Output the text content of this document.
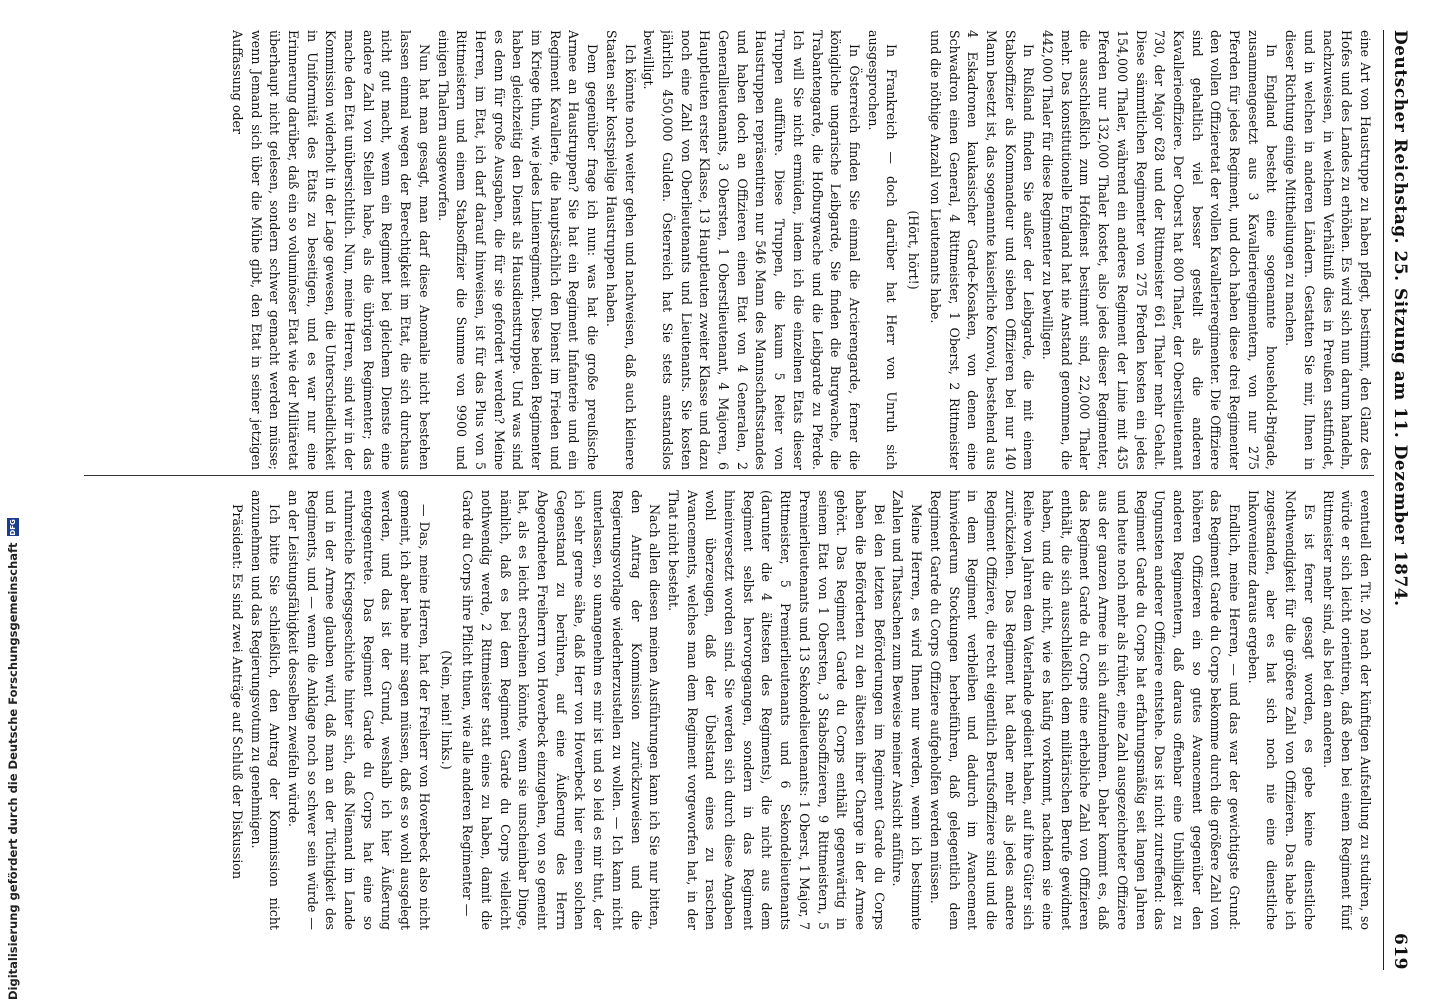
Deutscher Reichstag. 25. Sitzung am 11. Dezember 1874.
619

eine Art von Haustruppe zu haben pflegt, bestimmt, den Glanz des Hofes und des Landes zu erhöhen. Es wird sich nun darum handeln, nachzuweisen, in welchem Verhältniß dies in Preußen stattfindet, und in welchen in anderen Ländern. Gestatten Sie mir, Ihnen in dieser Richtung einige Mittheilungen zu machen.

In England besteht eine sogenannte household-Brigade, zusammengesetzt aus 3 Kavallerieregimentern, von nur 275 Pferden für jedes Regiment, und doch haben diese drei Regimenter den vollen Offizieretat der vollen Kavallerieregimenter. Die Offiziere sind gehaltlich viel besser gestellt als die anderen Kavallerieoffiziere. Der Oberst hat 800 Thaler, der Oberstlieutenant 730, der Major 628 und der Rittmeister 661 Thaler mehr Gehalt. Diese sämmtlichen Regimenter von 275 Pferden kosten ein jedes 154,000 Thaler, während ein anderes Regiment der Linie mit 435 Pferden nur 132,000 Thaler kostet, also jedes dieser Regimenter, die ausschließlich zum Hofdienst bestimmt sind, 22,000 Thaler mehr. Das konstitutionelle England hat nie Anstand genommen, die 442,000 Thaler für diese Regimenter zu bewilligen.

In Rußland finden Sie außer der Leibgarde, die mit einem Stabsoffizier als Kommandeur und sieben Offizieren bei nur 140 Mann besetzt ist, das sogenannte kaiserliche Konvoi, bestehend aus 4 Eskadronen kaukasischer Garde-Kosaken, von denen eine Schwadron einen General, 4 Rittmeister, 1 Oberst, 2 Rittmeister und die nöthige Anzahl von Lieutenants habe.

(Hört, hört!)

In Frankreich — doch darüber hat Herr von Unruh sich ausgesprochen.

In Österreich finden Sie einmal die Arcierengarde, ferner die königliche ungarische Leibgarde, Sie finden die Burgwache, die Trabantengarde, die Hofburgwache und die Leibgarde zu Pferde. Ich will Sie nicht ermüden, indem ich die einzelnen Etats dieser Truppen aufführe. Diese Truppen, die kaum 5 Reiter von Haustruppen repräsentiren nur 546 Mann des Mannschaftsstandes und haben doch an Offizieren einen Etat von 4 Generalen, 2 Generallieutenants, 3 Obersten, 1 Oberstlieutenant, 4 Majoren, 6 Hauptleuten erster Klasse, 13 Hauptleuten zweiter Klasse und dazu noch eine Zahl von Oberlieutenants und Lieutenants. Sie kosten jährlich 450,000 Gulden. Österreich hat Sie stets anstandslos bewilligt.

Ich könnte noch weiter gehen und nachweisen, daß auch kleinere Staaten sehr kostspielige Haustruppen haben.

Dem gegenüber frage ich nun: was hat die große preußische Armee an Haustruppen? Sie hat ein Regiment Infanterie und ein Regiment Kavallerie, die hauptsächlich den Dienst im Frieden und im Kriege thun, wie jedes Linienregiment. Diese beiden Regimenter haben gleichzeitig den Dienst als Hausdiensttruppe. Und was sind es denn für große Ausgaben, die für sie gefordert werden? Meine Herren, im Etat, ich darf darauf hinweisen, ist für das Plus von 5 Rittmeistern und einem Stabsoffizier die Summe von 9900 und einigen Thalern ausgeworfen.

Nun hat man gesagt, man darf diese Anomalie nicht bestehen lassen einmal wegen der Berechtigkeit im Etat, die sich durchaus nicht gut macht, wenn ein Regiment bei gleichem Dienste eine andere Zahl von Stellen habe, als die übrigen Regimenter; das mache den Etat unübersichtlich. Nun, meine Herren, sind wir in der Kommission widerholt in der Lage gewesen, die Unterschiedlichkeit in Uniformität des Etats zu beseitigen, und es war nur eine Erinnerung darüber, daß ein so voluminöser Etat wie der Militäretat überhaupt nicht gelesen, sondern schwer gemacht werden müsse; wenn Jemand sich über die Mühe gibt, den Etat in seiner jetzigen Auffassung oder

eventuell den Tit. 20 nach der künftigen Aufstellung zu studiren, so würde er sich leicht orientiren, daß eben bei einem Regiment fünf Rittmeister mehr sind, als bei den anderen.

Es ist ferner gesagt worden, es gebe keine dienstliche Nothwendigkeit für die größere Zahl von Offizieren. Das habe ich zugestanden, aber es hat sich noch nie eine dienstliche Inkonvenienz daraus ergeben.

Endlich, meine Herren, — und das war der gewichtigste Grund: das Regiment Garde du Corps bekomme durch die größere Zahl von höheren Offizieren ein so gutes Avancement gegenüber den anderen Regimentern, daß daraus offenbar eine Unbilligkeit zu Ungunsten anderer Offiziere entstehe. Das ist nicht zutreffend: das Regiment Garde du Corps hat erfahrungsmäßig seit langen Jahren und heute noch mehr als früher, eine Zahl ausgezeichneter Offiziere aus der ganzen Armee in sich aufzunehmen. Daher kommt es, daß das Regiment Garde du Corps eine erhebliche Zahl von Offizieren enthält, die sich ausschließlich dem militärischen Berufe gewidmet haben, und die nicht, wie es häufig vorkommt, nachdem sie eine Reihe von Jahren dem Vaterlande gedient haben, auf ihre Güter sich zurückziehen. Das Regiment hat daher mehr als jedes andere Regiment Offiziere, die recht eigentlich Berufsoffiziere sind und die in dem Regiment verbleiben und dadurch im Avancement hinwiederum Stockungen herbeiführen, daß gelegentlich dem Regiment Garde du Corps Offiziere aufgeholfen werden müssen.

Meine Herren, es wird Ihnen nur werden, wenn ich bestimmte Zahlen und Thatsachen zum Beweise meiner Ansicht anführe.

Bei den letzten Beförderungen im Regiment Garde du Corps haben die Beförderten zu den ältesten ihrer Charge in der Armee gehört. Das Regiment Garde du Corps enthält gegenwärtig in seinem Etat von 1 Obersten, 3 Stabsoffizieren, 9 Rittmeistern, 5 Premierlieutenants und 13 Sekondelieutenants: 1 Oberst, 1 Major, 7 Rittmeister, 5 Premierlieutenants und 6 Sekondelieutenants (darunter die 4 ältesten des Regiments), die nicht aus dem Regiment selbst hervorgegangen, sondern in das Regiment hineinversetzt worden sind. Sie werden sich durch diese Angaben wohl überzeugen, daß der Übelstand eines zu raschen Avancements, welches man dem Regiment vorgeworfen hat, in der That nicht besteht.

Nach allen diesen meinen Ausführungen kann ich Sie nur bitten, den Antrag der Kommission zurückzuweisen und die Regierungsvorlage wiederherzustellen zu wollen. — Ich kann nicht unterlassen, so unangenehm es mir ist und so leid es mir thut, der ich sehr gerne sähe, daß Herr von Hoverbeck hier einen solchen Gegenstand zu berühren, auf eine Äußerung des Herrn Abgeordneten Freiherrn von Hoverbeck einzugehen, von so gemeint hat, als es leicht erscheinen könnte, wenn sie unscheinbar Dinge, nämlich, daß es bei dem Regiment Garde du Corps vielleicht nothwendig werde, 2 Rittmeister statt eines zu haben, damit die Garde du Corps ihre Pflicht thuen, wie alle anderen Regimenter —

(Nein, nein! links.)

— Das, meine Herren, hat der Freiherr von Hoverbeck also nicht gemeint, ich aber habe mir sagen müssen, daß es so wohl ausgelegt werden, und das ist der Grund, weshalb ich hier Äußerung entgegentrete. Das Regiment Garde du Corps hat eine so ruhmreiche Kriegsgeschichte hinter sich, daß Niemand im Lande und in der Armee glauben wird, daß man an der Tüchtigkeit des Regiments, und — wenn die Anklage noch so schwer sein würde — an der Leistungsfähigkeit desselben zweifeln würde.

Ich bitte Sie schließlich, den Antrag der Kommission nicht anzunehmen und das Regierungsvotum zu genehmigen.

Präsident: Es sind zwei Anträge auf Schluß der Diskussion

Digitalisierung gefördert durch die Deutsche Forschungsgemeinschaft
DFG
